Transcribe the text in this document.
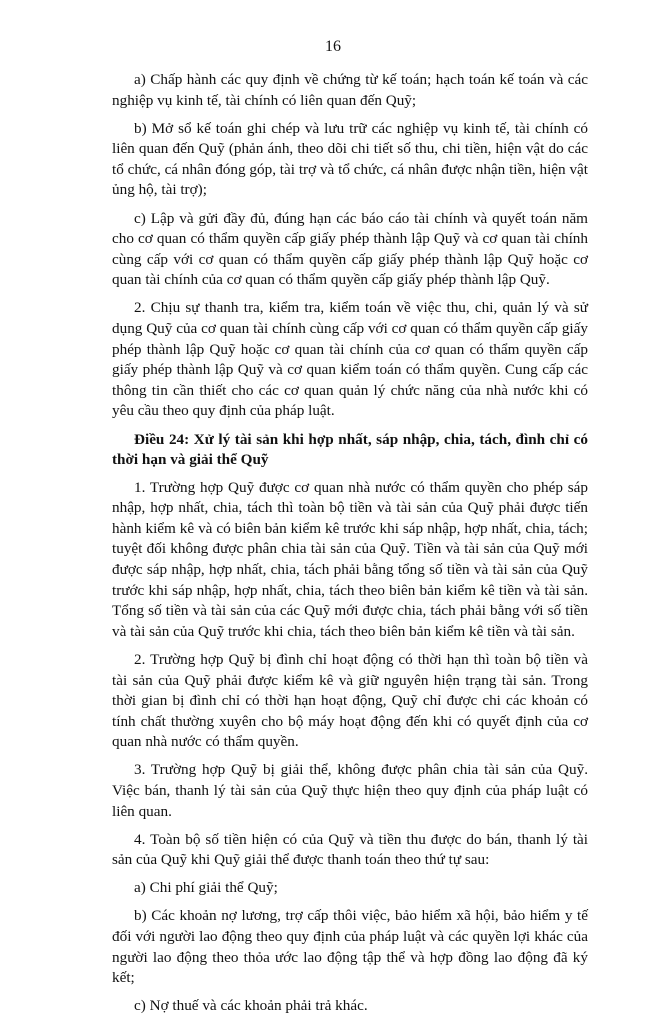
16

a) Chấp hành các quy định về chứng từ kế toán; hạch toán kế toán và các nghiệp vụ kinh tế, tài chính có liên quan đến Quỹ;

b) Mở sổ kế toán ghi chép và lưu trữ các nghiệp vụ kinh tế, tài chính có liên quan đến Quỹ (phản ánh, theo dõi chi tiết số thu, chi tiền, hiện vật do các tổ chức, cá nhân đóng góp, tài trợ và tổ chức, cá nhân được nhận tiền, hiện vật ủng hộ, tài trợ);

c) Lập và gửi đầy đủ, đúng hạn các báo cáo tài chính và quyết toán năm cho cơ quan có thẩm quyền cấp giấy phép thành lập Quỹ và cơ quan tài chính cùng cấp với cơ quan có thẩm quyền cấp giấy phép thành lập Quỹ hoặc cơ quan tài chính của cơ quan có thẩm quyền cấp giấy phép thành lập Quỹ.

2. Chịu sự thanh tra, kiểm tra, kiểm toán về việc thu, chi, quản lý và sử dụng Quỹ của cơ quan tài chính cùng cấp với cơ quan có thẩm quyền cấp giấy phép thành lập Quỹ hoặc cơ quan tài chính của cơ quan có thẩm quyền cấp giấy phép thành lập Quỹ và cơ quan kiểm toán có thẩm quyền. Cung cấp các thông tin cần thiết cho các cơ quan quản lý chức năng của nhà nước khi có yêu cầu theo quy định của pháp luật.

Điều 24: Xử lý tài sản khi hợp nhất, sáp nhập, chia, tách, đình chỉ có thời hạn và giải thể Quỹ

1. Trường hợp Quỹ được cơ quan nhà nước có thẩm quyền cho phép sáp nhập, hợp nhất, chia, tách thì toàn bộ tiền và tài sản của Quỹ phải được tiến hành kiểm kê và có biên bản kiểm kê trước khi sáp nhập, hợp nhất, chia, tách; tuyệt đối không được phân chia tài sản của Quỹ. Tiền và tài sản của Quỹ mới được sáp nhập, hợp nhất, chia, tách phải bằng tổng số tiền và tài sản của Quỹ trước khi sáp nhập, hợp nhất, chia, tách theo biên bản kiểm kê tiền và tài sản. Tổng số tiền và tài sản của các Quỹ mới được chia, tách phải bằng với số tiền và tài sản của Quỹ trước khi chia, tách theo biên bản kiểm kê tiền và tài sản.

2. Trường hợp Quỹ bị đình chỉ hoạt động có thời hạn thì toàn bộ tiền và tài sản của Quỹ phải được kiểm kê và giữ nguyên hiện trạng tài sản. Trong thời gian bị đình chỉ có thời hạn hoạt động, Quỹ chỉ được chi các khoản có tính chất thường xuyên cho bộ máy hoạt động đến khi có quyết định của cơ quan nhà nước có thẩm quyền.

3. Trường hợp Quỹ bị giải thể, không được phân chia tài sản của Quỹ. Việc bán, thanh lý tài sản của Quỹ thực hiện theo quy định của pháp luật có liên quan.

4. Toàn bộ số tiền hiện có của Quỹ và tiền thu được do bán, thanh lý tài sản của Quỹ khi Quỹ giải thể được thanh toán theo thứ tự sau:

a) Chi phí giải thể Quỹ;

b) Các khoản nợ lương, trợ cấp thôi việc, bảo hiểm xã hội, bảo hiểm y tế đối với người lao động theo quy định của pháp luật và các quyền lợi khác của người lao động theo thỏa ước lao động tập thể và hợp đồng lao động đã ký kết;

c) Nợ thuế và các khoản phải trả khác.
